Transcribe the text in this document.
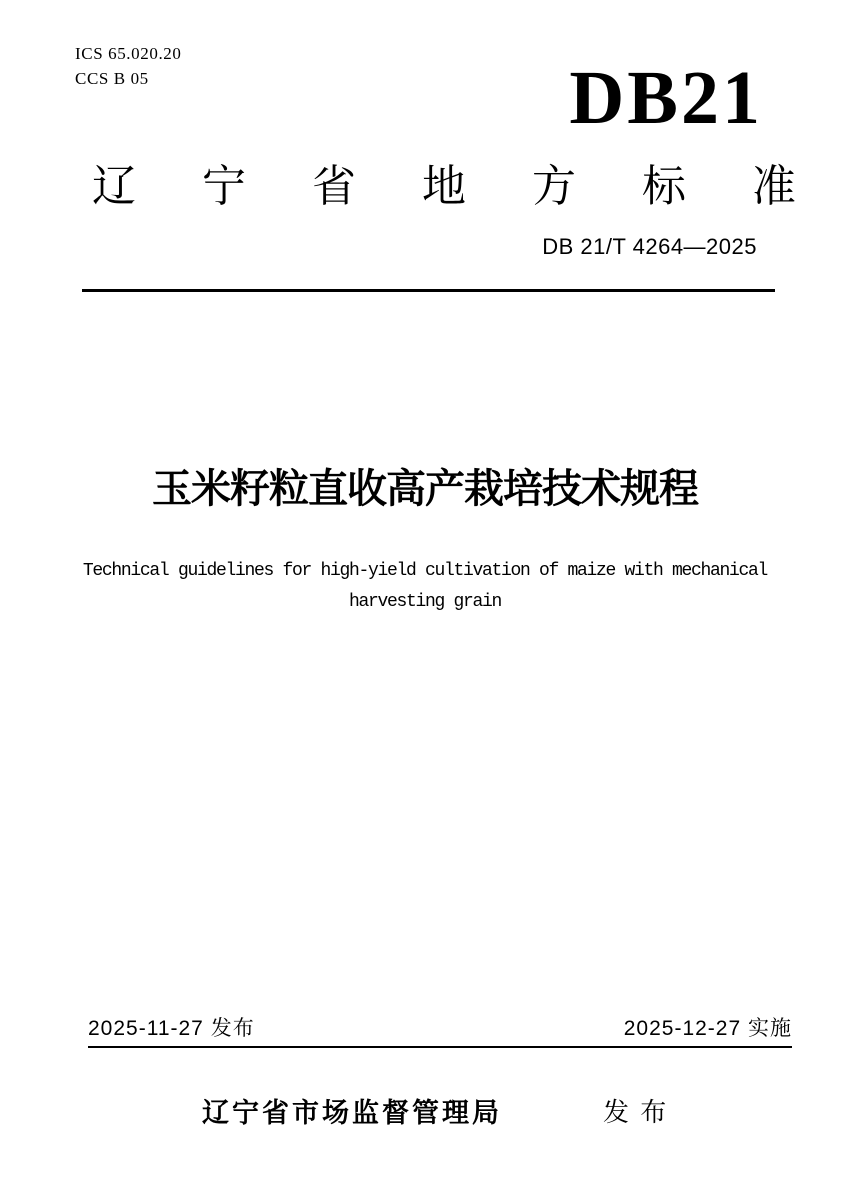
ICS 65.020.20
CCS B 05	DB21
辽 宁 省 地 方 标 准
DB 21/T 4264—2025
玉米籽粒直收高产栽培技术规程
Technical guidelines for high-yield cultivation of maize with mechanical
harvesting grain
2025-11-27 发布	2025-12-27 实施
辽宁省市场监督管理局	发 布
